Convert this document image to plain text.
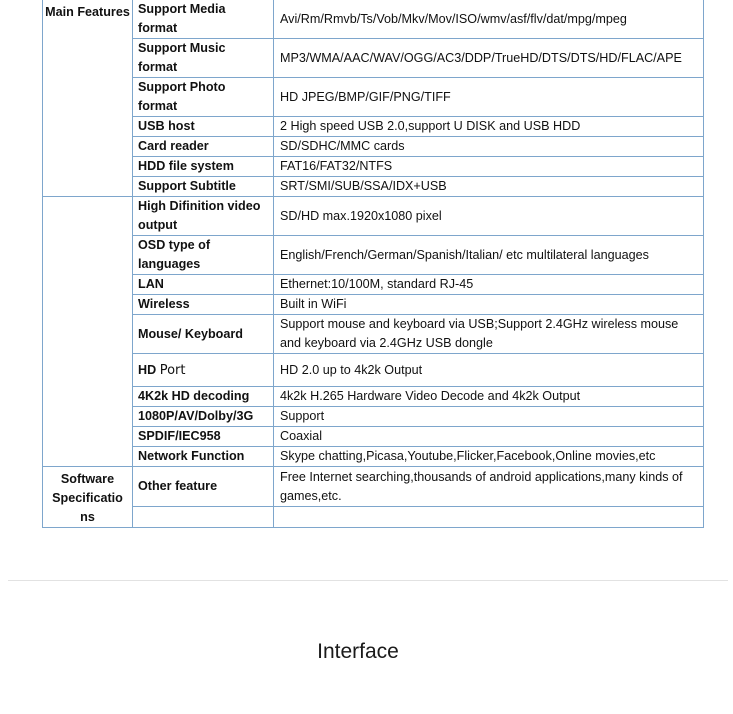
Main Features	Support Media format	Avi/Rm/Rmvb/Ts/Vob/Mkv/Mov/ISO/wmv/asf/flv/dat/mpg/mpeg
	Support Music format	MP3/WMA/AAC/WAV/OGG/AC3/DDP/TrueHD/DTS/DTS/HD/FLAC/APE
	Support Photo format	HD JPEG/BMP/GIF/PNG/TIFF
	USB host	2 High speed USB 2.0,support U DISK and USB HDD
	Card reader	SD/SDHC/MMC cards
	HDD file system	FAT16/FAT32/NTFS
	Support Subtitle	SRT/SMI/SUB/SSA/IDX+USB
	High Difinition video output	SD/HD max.1920x1080 pixel
	OSD type of languages	English/French/German/Spanish/Italian/ etc multilateral languages
	LAN	Ethernet:10/100M, standard RJ-45
	Wireless	Built in WiFi
	Mouse/ Keyboard	Support mouse and keyboard via USB;Support 2.4GHz wireless mouse and keyboard via 2.4GHz USB dongle
	HD Port	HD 2.0 up to 4k2k Output
	4K2k HD decoding	4k2k H.265 Hardware Video Decode and 4k2k Output
	1080P/AV/Dolby/3G	Support
	SPDIF/IEC958	Coaxial
	Network Function	Skype chatting,Picasa,Youtube,Flicker,Facebook,Online movies,etc
Software Specificatio ns	Other feature	Free Internet searching,thousands of android applications,many kinds of games,etc.

Interface
